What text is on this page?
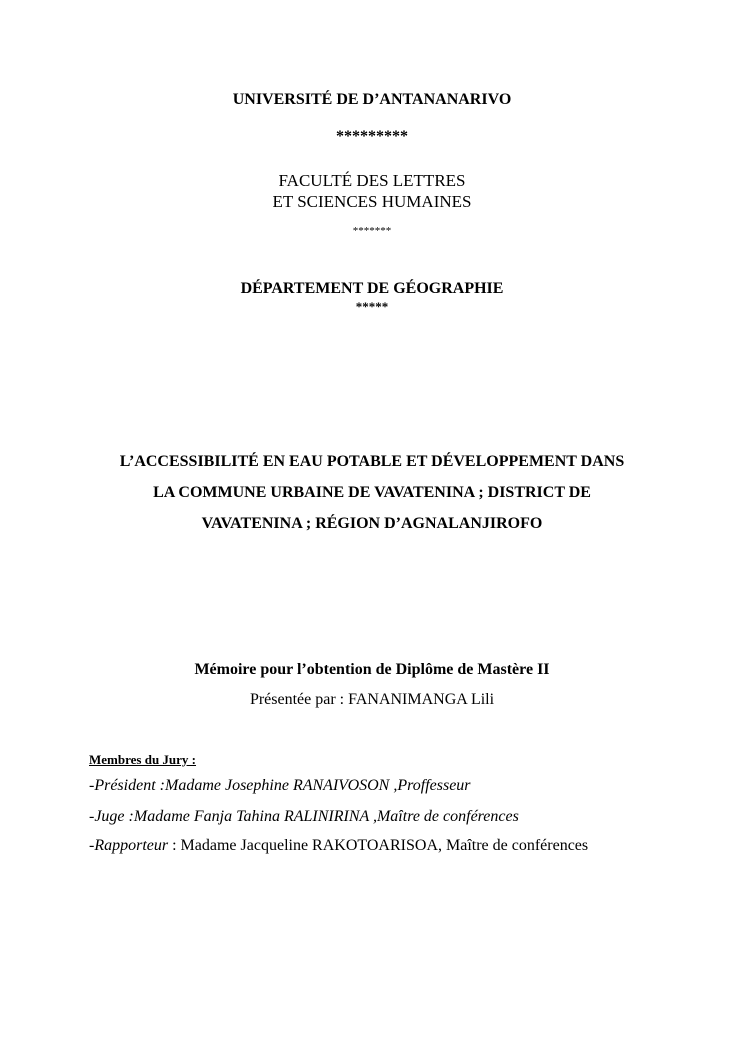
UNIVERSITÉ DE D’ANTANANARIVO
*********
FACULTÉ DES LETTRES
ET SCIENCES HUMAINES
*******
DÉPARTEMENT DE GÉOGRAPHIE
*****
L’ACCESSIBILITÉ EN EAU POTABLE ET DÉVELOPPEMENT DANS
LA COMMUNE URBAINE DE VAVATENINA ; DISTRICT DE
VAVATENINA ; RÉGION D’AGNALANJIROFO
Mémoire pour l’obtention de Diplôme de Mastère II
Présentée par : FANANIMANGA Lili
Membres du Jury :
-Président :Madame Josephine RANAIVOSON ,Proffesseur
-Juge :Madame Fanja Tahina RALINIRINA ,Maître de conférences
-Rapporteur : Madame Jacqueline RAKOTOARISOA, Maître de conférences
